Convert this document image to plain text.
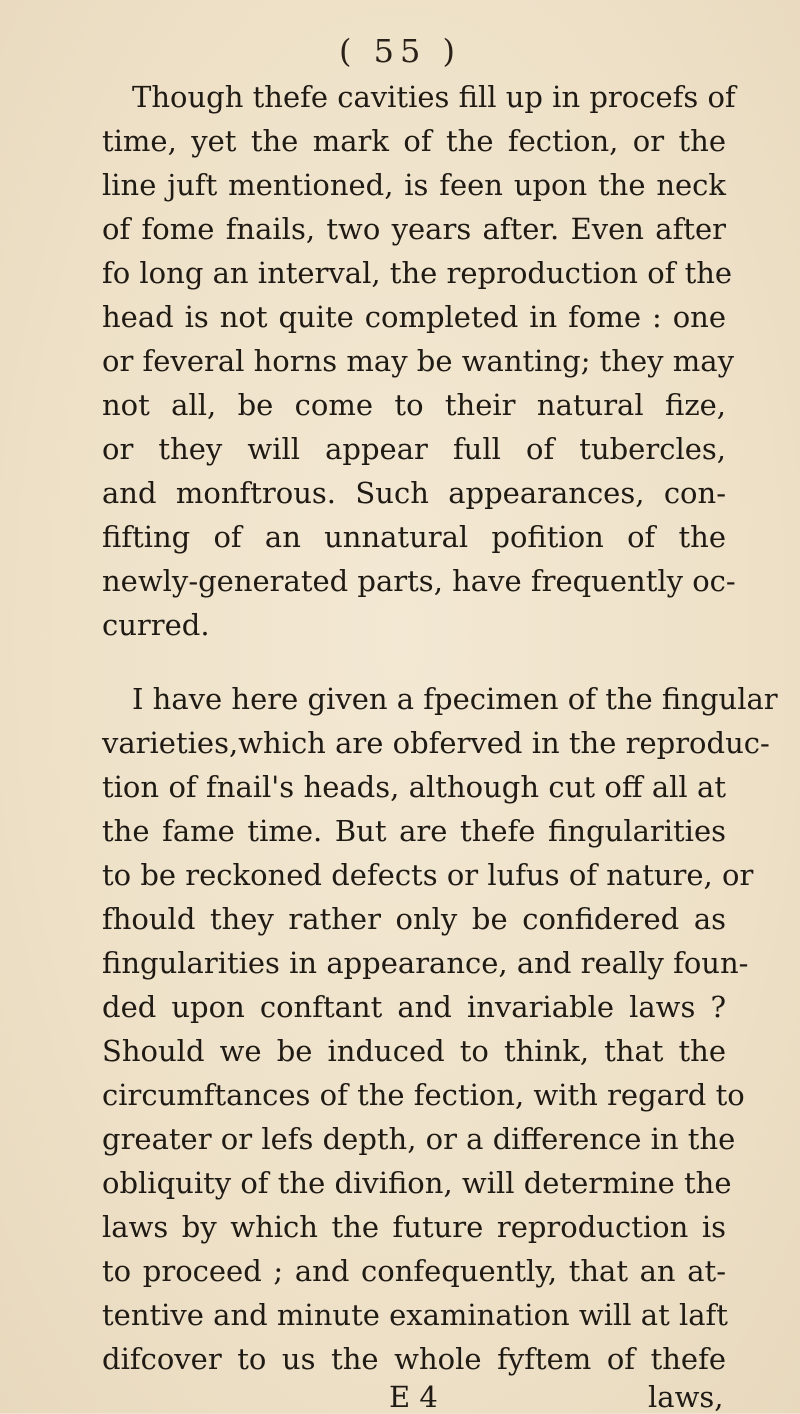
( 55 )
Though thefe cavities fill up in procefs of
time, yet the mark of the fection, or the
line juft mentioned, is feen upon the neck
of fome fnails, two years after. Even after
fo long an interval, the reproduction of the
head is not quite completed in fome : one
or feveral horns may be wanting; they may
not all, be come to their natural fize,
or they will appear full of tubercles,
and monftrous. Such appearances, con-
fifting of an unnatural pofition of the
newly-generated parts, have frequently oc-
curred.
I have here given a fpecimen of the fingular
varieties,which are obferved in the reproduc-
tion of fnail's heads, although cut off all at
the fame time. But are thefe fingularities
to be reckoned defects or lufus of nature, or
fhould they rather only be confidered as
fingularities in appearance, and really foun-
ded upon conftant and invariable laws ?
Should we be induced to think, that the
circumftances of the fection, with regard to
greater or lefs depth, or a difference in the
obliquity of the divifion, will determine the
laws by which the future reproduction is
to proceed ; and confequently, that an at-
tentive and minute examination will at laft
difcover to us the whole fyftem of thefe
E 4	laws,
